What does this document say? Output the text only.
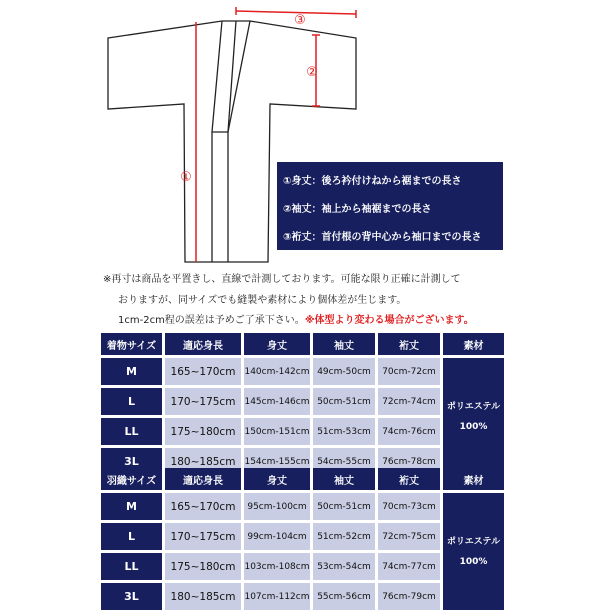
③
②
①	①身丈：後ろ衿付けねから裾までの長さ
②袖丈：袖上から袖裾までの長さ
③裄丈：首付根の背中心から袖口までの長さ
※再寸は商品を平置きし、直線で計測しております。可能な限り正確に計測して
おりますが、同サイズでも縫製や素材により個体差が生じます。
1cm-2cm程の誤差は予めご了承下さい。※体型より変わる場合がございます。
着物サイズ	適応身長	身丈	袖丈	裄丈	素材
M	165~170cm	140cm-142cm	49cm-50cm	70cm-72cm	ポリエステル
100%

L	170~175cm	145cm-146cm	50cm-51cm	72cm-74cm	
LL	175~180cm	150cm-151cm	51cm-53cm	74cm-76cm	
3L	180~185cm	154cm-155cm	54cm-55cm	76cm-78cm	
羽織サイズ	適応身長	身丈	袖丈	裄丈	素材
M	165~170cm	95cm-100cm	50cm-51cm	70cm-73cm	ポリエステル
100%

L	170~175cm	99cm-104cm	51cm-52cm	72cm-75cm	
LL	175~180cm	103cm-108cm	53cm-54cm	74cm-77cm	
3L	180~185cm	107cm-112cm	55cm-56cm	76cm-79cm	
